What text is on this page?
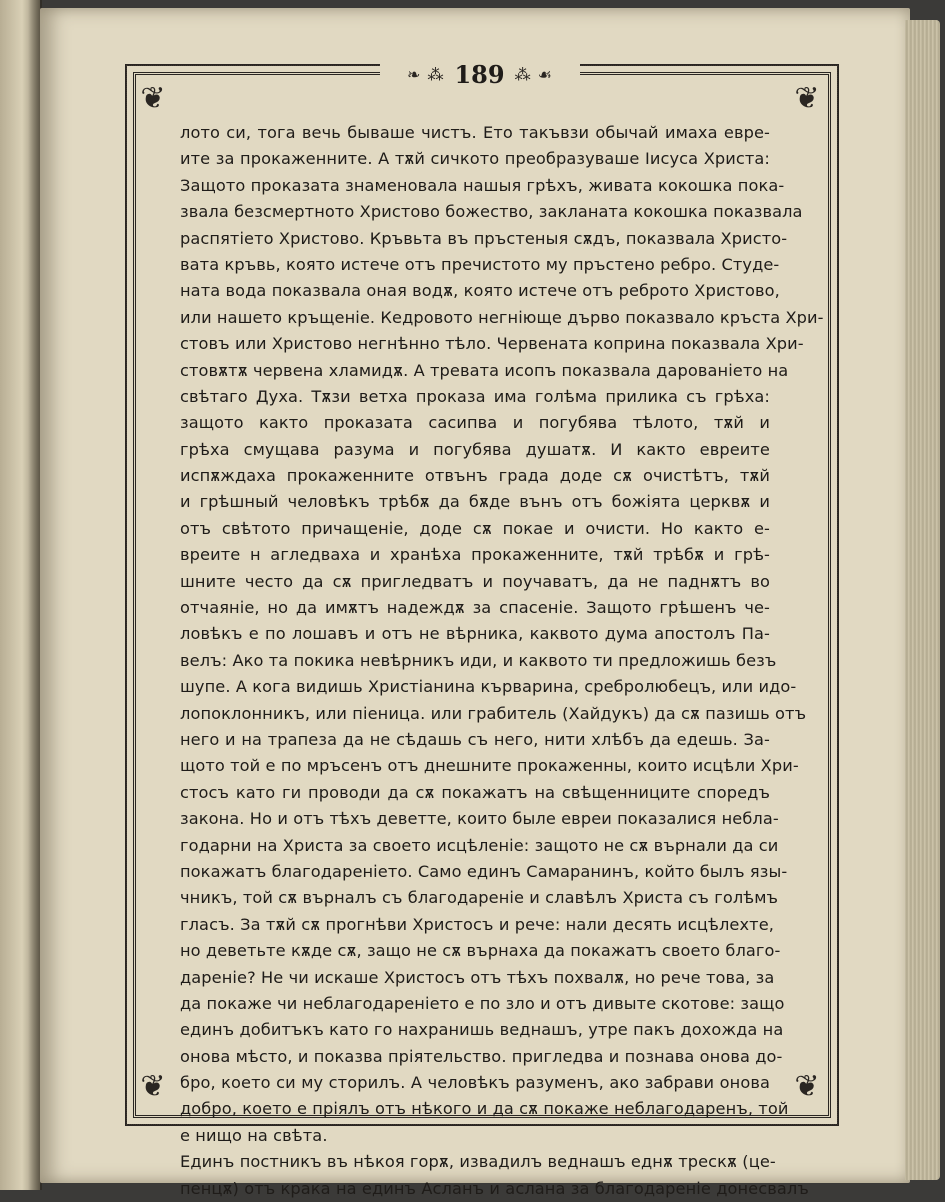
❦	❦
❦	❦
❧ ⁂ 189 ⁂ ☙
лото си, тога вечь бываше чистъ. Ето такъвзи обычай имаха евре-
ите за прокаженните. А тѫй сичкото преобразуваше Іисуса Христа:
Защото проказата знаменовала нашыя грѣхъ, живата кокошка пока-
звала безсмертното Христово божество, закланата кокошка показвала
распятіето Христово. Кръвьта въ пръстеныя сѫдъ, показвала Христо-
вата кръвь, която истече отъ пречистото му пръстено ребро. Студе-
ната вода показвала оная водѫ, която истече отъ реброто Христово,
или нашето кръщеніе. Кедровото негніюще дърво показвало кръста Хри-
стовъ или Христово негнѣнно тѣло. Червената коприна показвала Хри-
стовѫтѫ червена хламидѫ. А тревата исопъ показвала дарованіето на
свѣтаго Духа. Тѫзи ветха проказа има голѣма прилика съ грѣха:
защото както проказата сасипва и погубява тѣлото, тѫй и
грѣха смущава разума и погубява душатѫ. И както евреите
испѫждаха прокаженните отвънъ града доде сѫ очистѣтъ, тѫй
и грѣшный человѣкъ трѣбѫ да бѫде вънъ отъ божіята церквѫ и
отъ свѣтото причащеніе, доде сѫ покае и очисти. Но както е-
вреите н агледваха и хранѣха прокаженните, тѫй трѣбѫ и грѣ-
шните често да сѫ пригледватъ и поучаватъ, да не паднѫтъ во
отчаяніе, но да имѫтъ надеждѫ за спасеніе. Защото грѣшенъ че-
ловѣкъ е по лошавъ и отъ не вѣрника, каквото дума апостолъ Па-
велъ: Ако та покика невѣрникъ иди, и каквото ти предложишь безъ
шупе. А кога видишь Христіанина кърварина, сребролюбецъ, или идо-
лопоклонникъ, или піеница. или грабитель (Хайдукъ) да сѫ пазишь отъ
него и на трапеза да не сѣдашь съ него, нити хлѣбъ да едешь. За-
щото той е по мръсенъ отъ днешните прокаженны, които исцѣли Хри-
стосъ като ги проводи да сѫ покажатъ на свѣщенниците споредъ
закона. Но и отъ тѣхъ деветте, които быле евреи показалися неблa-
годарни на Христа за своето исцѣленіе: защото не сѫ върнали да си
покажатъ благодареніето. Само единъ Самаранинъ, който былъ язы-
чникъ, той сѫ върналъ съ благодареніе и славѣлъ Христа съ голѣмъ
гласъ. За тѫй сѫ прогнѣви Христосъ и рече: нали десять исцѣлехте,
но деветьте кѫде сѫ, защо не сѫ върнаха да покажатъ своето благо-
дареніе? Не чи искаше Христосъ отъ тѣхъ похвалѫ, но рече това, за
да покаже чи неблагодареніето е по зло и отъ дивыте скотове: защо
единъ добитъкъ като го нахранишь веднашъ, утре пакъ дохожда на
онова мѣсто, и показва пріятельство. пригледва и познава онова до-
бро, което си му сторилъ. А человѣкъ разуменъ, ако забрави онова
добро, което е пріялъ отъ нѣкого и да сѫ покаже неблагодаренъ, той
е нищо на свѣта.
Единъ постникъ въ нѣкоя горѫ, извадилъ веднашъ еднѫ трескѫ (це-
пенцѫ) отъ крака на единъ Асланъ и аслана за благодареніе донесвалъ
